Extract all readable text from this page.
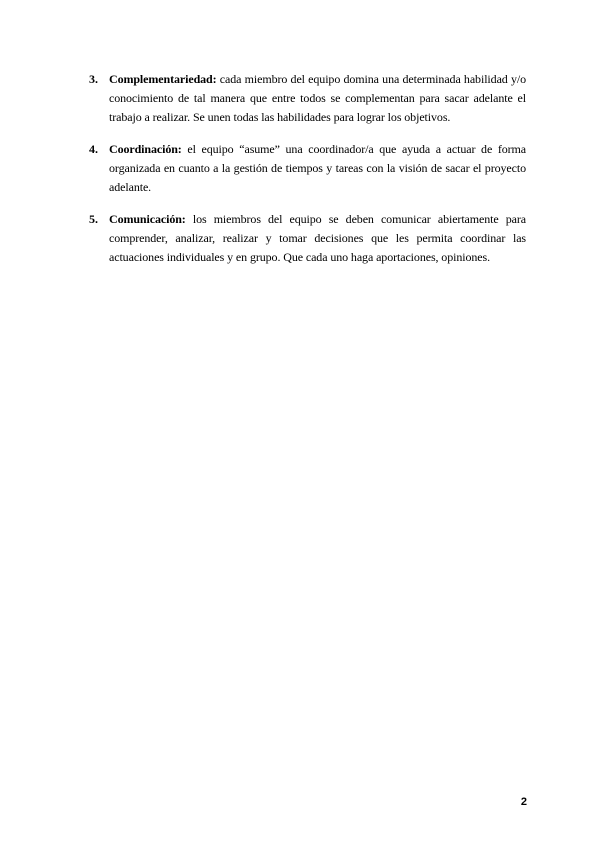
3. Complementariedad: cada miembro del equipo domina una determinada habilidad y/o conocimiento de tal manera que entre todos se complementan para sacar adelante el trabajo a realizar. Se unen todas las habilidades para lograr los objetivos.
4. Coordinación: el equipo “asume” una coordinador/a que ayuda a actuar de forma organizada en cuanto a la gestión de tiempos y tareas con la visión de sacar el proyecto adelante.
5. Comunicación: los miembros del equipo se deben comunicar abiertamente para comprender, analizar, realizar y tomar decisiones que les permita coordinar las actuaciones individuales y en grupo. Que cada uno haga aportaciones, opiniones.
2
